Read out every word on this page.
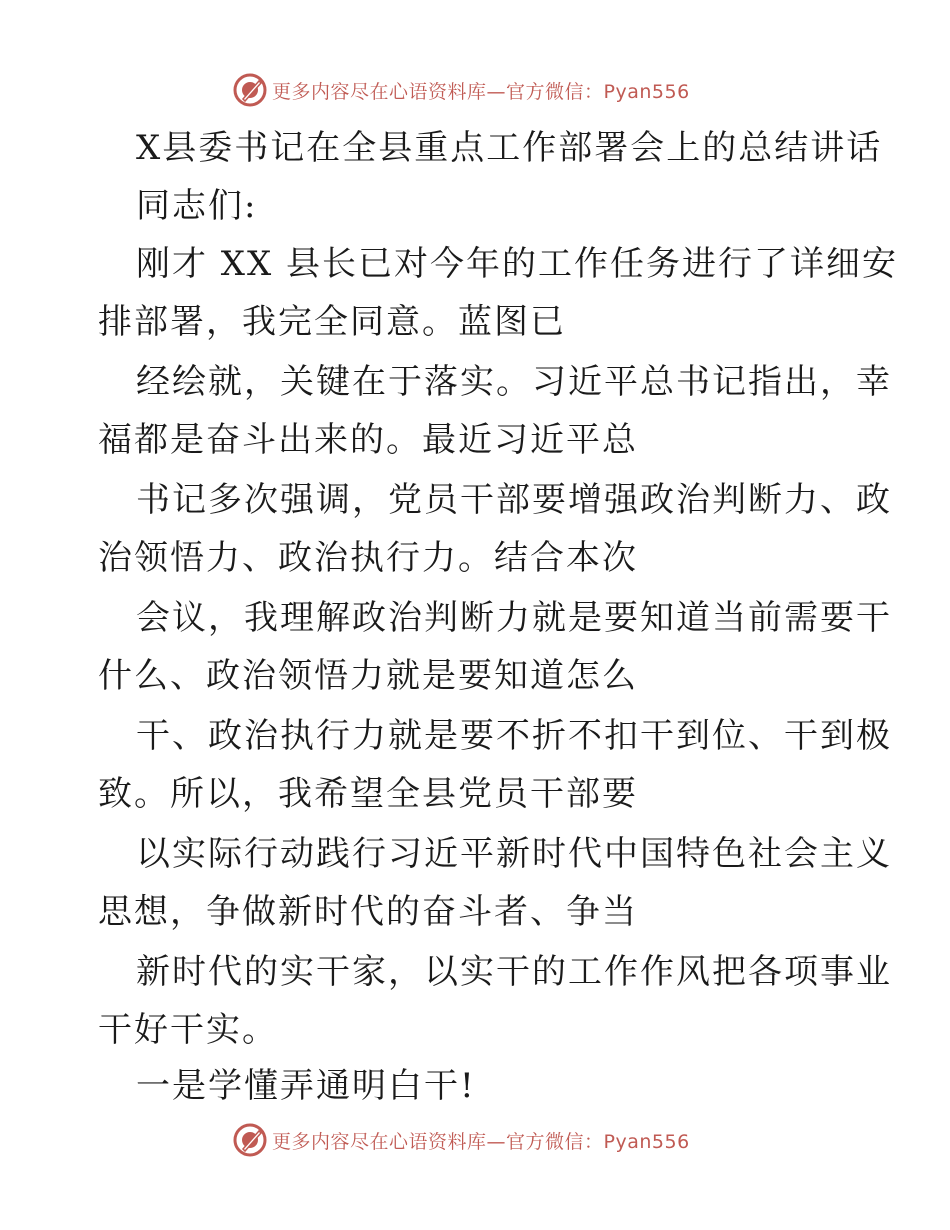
更多内容尽在心语资料库—官方微信：Pyan556
X县委书记在全县重点工作部署会上的总结讲话
同志们:
刚才 XX 县长已对今年的工作任务进行了详细安
排部署，我完全同意。蓝图已
经绘就，关键在于落实。习近平总书记指出，幸
福都是奋斗出来的。最近习近平总
书记多次强调，党员干部要增强政治判断力、政
治领悟力、政治执行力。结合本次
会议，我理解政治判断力就是要知道当前需要干
什么、政治领悟力就是要知道怎么
干、政治执行力就是要不折不扣干到位、干到极
致。所以，我希望全县党员干部要
以实际行动践行习近平新时代中国特色社会主义
思想，争做新时代的奋斗者、争当
新时代的实干家，以实干的工作作风把各项事业
干好干实。
一是学懂弄通明白干!
更多内容尽在心语资料库—官方微信：Pyan556
